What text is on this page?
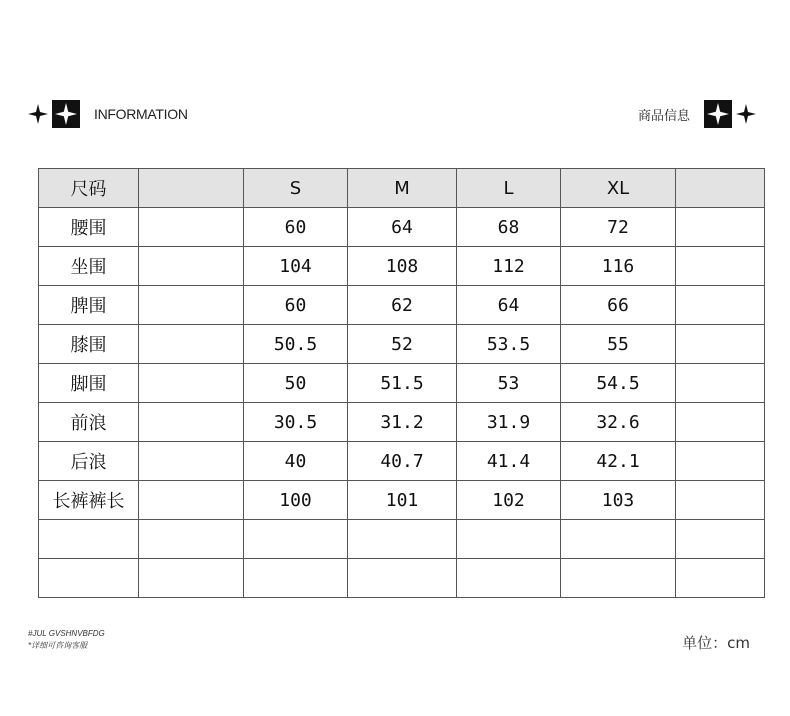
INFORMATION	商品信息
尺码		S	M	L	XL	
腰围		60	64	68	72	
坐围		104	108	112	116	
脾围		60	62	64	66	
膝围		50.5	52	53.5	55	
脚围		50	51.5	53	54.5	
前浪		30.5	31.2	31.9	32.6	
后浪		40	40.7	41.4	42.1	
长裤裤长		100	101	102	103	

#JUL GVSHNVBFDG
*详细可咨询客服	单位：cm
